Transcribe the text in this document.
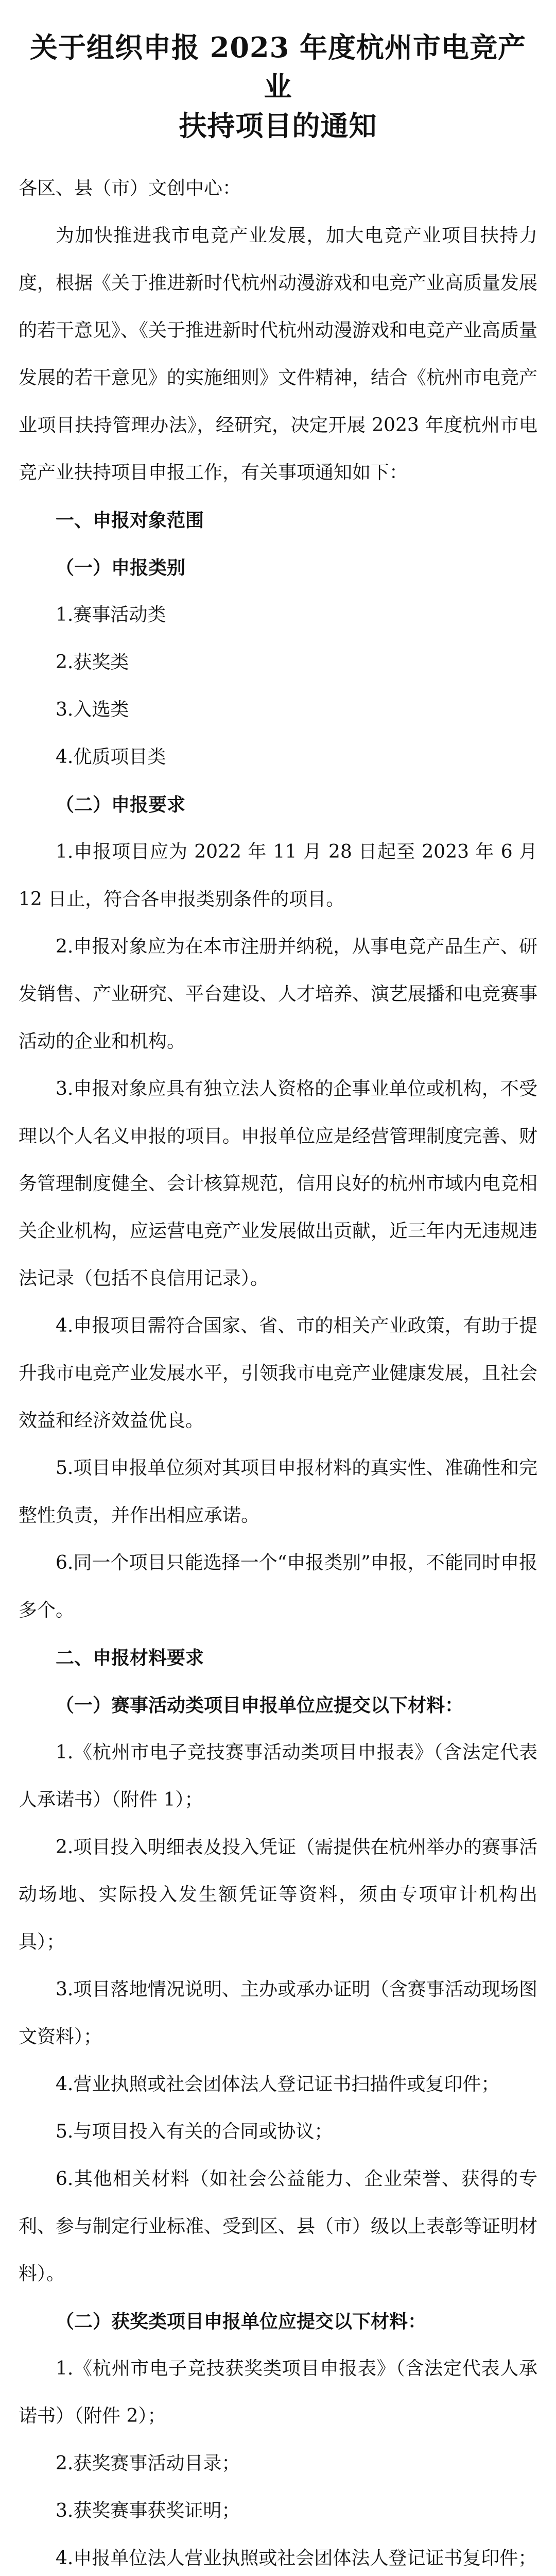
关于组织申报 2023 年度杭州市电竞产业
扶持项目的通知

各区、县（市）文创中心：

为加快推进我市电竞产业发展，加大电竞产业项目扶持力度，根据《关于推进新时代杭州动漫游戏和电竞产业高质量发展的若干意见》、《关于推进新时代杭州动漫游戏和电竞产业高质量发展的若干意见》的实施细则》文件精神，结合《杭州市电竞产业项目扶持管理办法》，经研究，决定开展 2023 年度杭州市电竞产业扶持项目申报工作，有关事项通知如下：

一、申报对象范围

（一）申报类别

1.赛事活动类

2.获奖类

3.入选类

4.优质项目类

（二）申报要求

1.申报项目应为 2022 年 11 月 28 日起至 2023 年 6 月 12 日止，符合各申报类别条件的项目。

2.申报对象应为在本市注册并纳税，从事电竞产品生产、研发销售、产业研究、平台建设、人才培养、演艺展播和电竞赛事活动的企业和机构。

3.申报对象应具有独立法人资格的企事业单位或机构，不受理以个人名义申报的项目。申报单位应是经营管理制度完善、财务管理制度健全、会计核算规范，信用良好的杭州市域内电竞相关企业机构，应运营电竞产业发展做出贡献，近三年内无违规违法记录（包括不良信用记录）。

4.申报项目需符合国家、省、市的相关产业政策，有助于提升我市电竞产业发展水平，引领我市电竞产业健康发展，且社会效益和经济效益优良。

5.项目申报单位须对其项目申报材料的真实性、准确性和完整性负责，并作出相应承诺。

6.同一个项目只能选择一个“申报类别”申报，不能同时申报多个。

二、申报材料要求

（一）赛事活动类项目申报单位应提交以下材料：

1.《杭州市电子竞技赛事活动类项目申报表》（含法定代表人承诺书）（附件 1）；

2.项目投入明细表及投入凭证（需提供在杭州举办的赛事活动场地、实际投入发生额凭证等资料，须由专项审计机构出具）；

3.项目落地情况说明、主办或承办证明（含赛事活动现场图文资料）；

4.营业执照或社会团体法人登记证书扫描件或复印件；

5.与项目投入有关的合同或协议；

6.其他相关材料（如社会公益能力、企业荣誉、获得的专利、参与制定行业标准、受到区、县（市）级以上表彰等证明材料）。

（二）获奖类项目申报单位应提交以下材料：

1.《杭州市电子竞技获奖类项目申报表》（含法定代表人承诺书）（附件 2）；

2.获奖赛事活动目录；

3.获奖赛事获奖证明；

4.申报单位法人营业执照或社会团体法人登记证书复印件；
